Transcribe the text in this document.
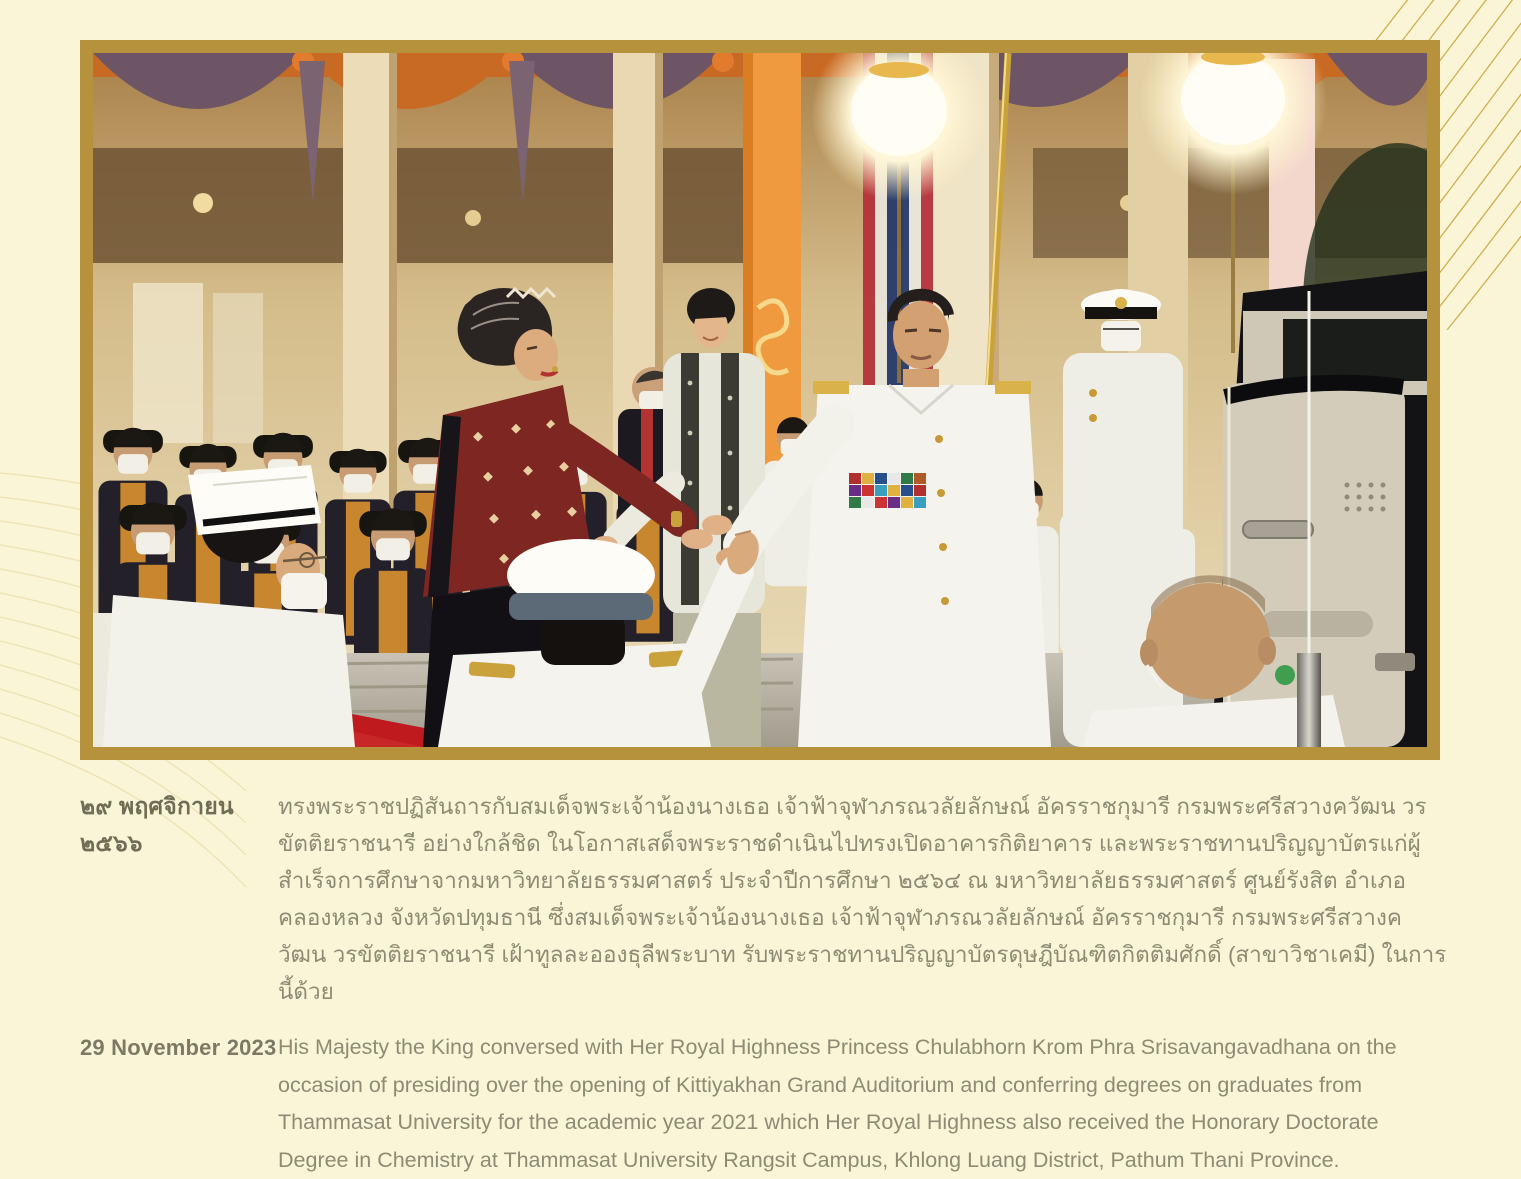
๒๙ พฤศจิกายน ๒๕๖๖
ทรงพระราชปฏิสันถารกับสมเด็จพระเจ้าน้องนางเธอ เจ้าฟ้าจุฬาภรณวลัยลักษณ์ อัครราชกุมารี กรมพระศรีสวางควัฒน วรขัตติยราชนารี อย่างใกล้ชิด ในโอกาสเสด็จพระราชดำเนินไปทรงเปิดอาคารกิติยาคาร และพระราชทานปริญญาบัตรแก่ผู้สำเร็จการศึกษาจากมหาวิทยาลัยธรรมศาสตร์ ประจำปีการศึกษา ๒๕๖๔ ณ มหาวิทยาลัยธรรมศาสตร์ ศูนย์รังสิต อำเภอคลองหลวง จังหวัดปทุมธานี ซึ่งสมเด็จพระเจ้าน้องนางเธอ เจ้าฟ้าจุฬาภรณวลัยลักษณ์ อัครราชกุมารี กรมพระศรีสวางควัฒน วรขัตติยราชนารี เฝ้าทูลละอองธุลีพระบาท รับพระราชทานปริญญาบัตรดุษฎีบัณฑิตกิตติมศักดิ์ (สาขาวิชาเคมี) ในการนี้ด้วย
29 November 2023 His Majesty the King conversed with Her Royal Highness Princess Chulabhorn Krom Phra Srisavangavadhana on the occasion of presiding over the opening of Kittiyakhan Grand Auditorium and conferring degrees on graduates from Thammasat University for the academic year 2021 which Her Royal Highness also received the Honorary Doctorate Degree in Chemistry at Thammasat University Rangsit Campus, Khlong Luang District, Pathum Thani Province.
